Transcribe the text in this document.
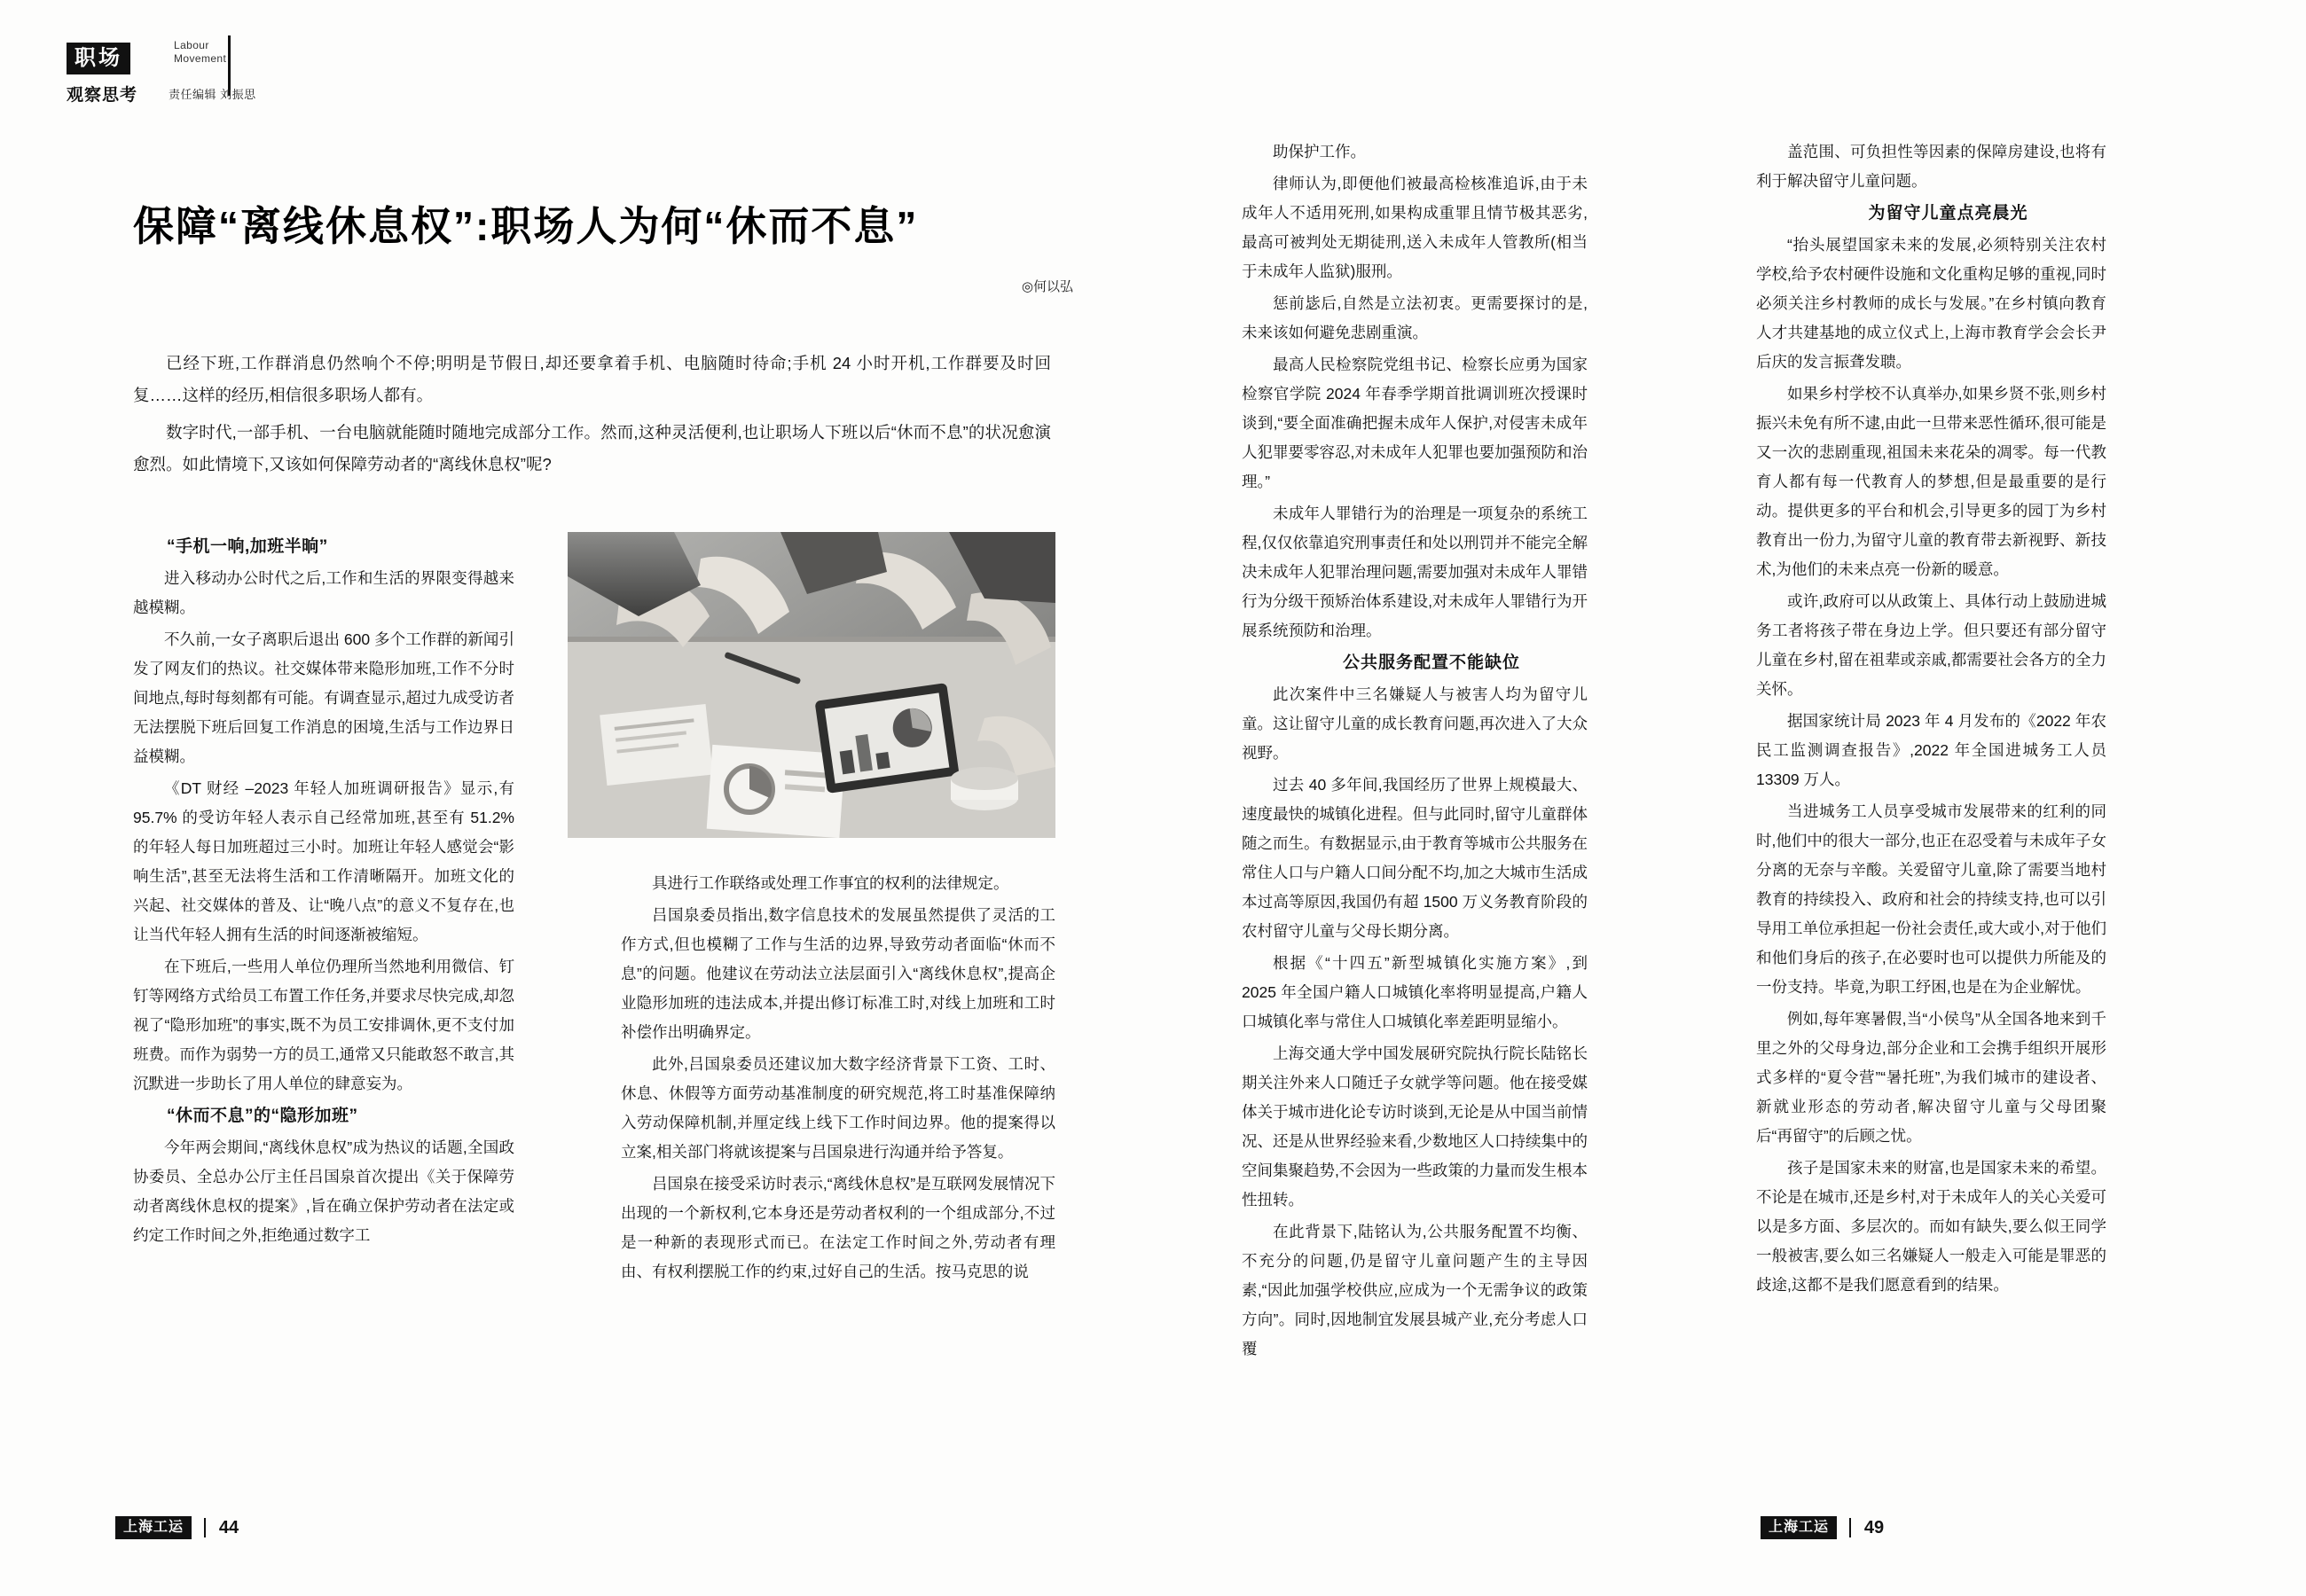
职场
Labour
Movement
观察思考	责任编辑 刘振思
保障“离线休息权”:职场人为何“休而不息”
◎何以弘

已经下班,工作群消息仍然响个不停;明明是节假日,却还要拿着手机、电脑随时待命;手机 24 小时开机,工作群要及时回复……这样的经历,相信很多职场人都有。

数字时代,一部手机、一台电脑就能随时随地完成部分工作。然而,这种灵活便利,也让职场人下班以后“休而不息”的状况愈演愈烈。如此情境下,又该如何保障劳动者的“离线休息权”呢?

“手机一响,加班半晌”

进入移动办公时代之后,工作和生活的界限变得越来越模糊。

不久前,一女子离职后退出 600 多个工作群的新闻引发了网友们的热议。社交媒体带来隐形加班,工作不分时间地点,每时每刻都有可能。有调查显示,超过九成受访者无法摆脱下班后回复工作消息的困境,生活与工作边界日益模糊。

《DT 财经 –2023 年轻人加班调研报告》显示,有 95.7% 的受访年轻人表示自己经常加班,甚至有 51.2% 的年轻人每日加班超过三小时。加班让年轻人感觉会“影响生活”,甚至无法将生活和工作清晰隔开。加班文化的兴起、社交媒体的普及、让“晚八点”的意义不复存在,也让当代年轻人拥有生活的时间逐渐被缩短。

在下班后,一些用人单位仍理所当然地利用微信、钉钉等网络方式给员工布置工作任务,并要求尽快完成,却忽视了“隐形加班”的事实,既不为员工安排调休,更不支付加班费。而作为弱势一方的员工,通常又只能敢怒不敢言,其沉默进一步助长了用人单位的肆意妄为。

“休而不息”的“隐形加班”

今年两会期间,“离线休息权”成为热议的话题,全国政协委员、全总办公厅主任吕国泉首次提出《关于保障劳动者离线休息权的提案》,旨在确立保护劳动者在法定或约定工作时间之外,拒绝通过数字工

具进行工作联络或处理工作事宜的权利的法律规定。

吕国泉委员指出,数字信息技术的发展虽然提供了灵活的工作方式,但也模糊了工作与生活的边界,导致劳动者面临“休而不息”的问题。他建议在劳动法立法层面引入“离线休息权”,提高企业隐形加班的违法成本,并提出修订标准工时,对线上加班和工时补偿作出明确界定。

此外,吕国泉委员还建议加大数字经济背景下工资、工时、休息、休假等方面劳动基准制度的研究规范,将工时基准保障纳入劳动保障机制,并厘定线上线下工作时间边界。他的提案得以立案,相关部门将就该提案与吕国泉进行沟通并给予答复。

吕国泉在接受采访时表示,“离线休息权”是互联网发展情况下出现的一个新权利,它本身还是劳动者权利的一个组成部分,不过是一种新的表现形式而已。在法定工作时间之外,劳动者有理由、有权利摆脱工作的约束,过好自己的生活。按马克思的说

助保护工作。

律师认为,即便他们被最高检核准追诉,由于未成年人不适用死刑,如果构成重罪且情节极其恶劣,最高可被判处无期徒刑,送入未成年人管教所(相当于未成年人监狱)服刑。

惩前毖后,自然是立法初衷。更需要探讨的是,未来该如何避免悲剧重演。

最高人民检察院党组书记、检察长应勇为国家检察官学院 2024 年春季学期首批调训班次授课时谈到,“要全面准确把握未成年人保护,对侵害未成年人犯罪要零容忍,对未成年人犯罪也要加强预防和治理。”

未成年人罪错行为的治理是一项复杂的系统工程,仅仅依靠追究刑事责任和处以刑罚并不能完全解决未成年人犯罪治理问题,需要加强对未成年人罪错行为分级干预矫治体系建设,对未成年人罪错行为开展系统预防和治理。

公共服务配置不能缺位

此次案件中三名嫌疑人与被害人均为留守儿童。这让留守儿童的成长教育问题,再次进入了大众视野。

过去 40 多年间,我国经历了世界上规模最大、速度最快的城镇化进程。但与此同时,留守儿童群体随之而生。有数据显示,由于教育等城市公共服务在常住人口与户籍人口间分配不均,加之大城市生活成本过高等原因,我国仍有超 1500 万义务教育阶段的农村留守儿童与父母长期分离。

根据《“十四五”新型城镇化实施方案》,到 2025 年全国户籍人口城镇化率将明显提高,户籍人口城镇化率与常住人口城镇化率差距明显缩小。

上海交通大学中国发展研究院执行院长陆铭长期关注外来人口随迁子女就学等问题。他在接受媒体关于城市进化论专访时谈到,无论是从中国当前情况、还是从世界经验来看,少数地区人口持续集中的空间集聚趋势,不会因为一些政策的力量而发生根本性扭转。

在此背景下,陆铭认为,公共服务配置不均衡、不充分的问题,仍是留守儿童问题产生的主导因素,“因此加强学校供应,应成为一个无需争议的政策方向”。同时,因地制宜发展县城产业,充分考虑人口覆

盖范围、可负担性等因素的保障房建设,也将有利于解决留守儿童问题。

为留守儿童点亮晨光

“抬头展望国家未来的发展,必须特别关注农村学校,给予农村硬件设施和文化重构足够的重视,同时必须关注乡村教师的成长与发展。”在乡村镇向教育人才共建基地的成立仪式上,上海市教育学会会长尹后庆的发言振聋发聩。

如果乡村学校不认真举办,如果乡贤不张,则乡村振兴未免有所不逮,由此一旦带来恶性循环,很可能是又一次的悲剧重现,祖国未来花朵的凋零。每一代教育人都有每一代教育人的梦想,但是最重要的是行动。提供更多的平台和机会,引导更多的园丁为乡村教育出一份力,为留守儿童的教育带去新视野、新技术,为他们的未来点亮一份新的暖意。

或许,政府可以从政策上、具体行动上鼓励进城务工者将孩子带在身边上学。但只要还有部分留守儿童在乡村,留在祖辈或亲戚,都需要社会各方的全力关怀。

据国家统计局 2023 年 4 月发布的《2022 年农民工监测调查报告》,2022 年全国进城务工人员 13309 万人。

当进城务工人员享受城市发展带来的红利的同时,他们中的很大一部分,也正在忍受着与未成年子女分离的无奈与辛酸。关爱留守儿童,除了需要当地村教育的持续投入、政府和社会的持续支持,也可以引导用工单位承担起一份社会责任,或大或小,对于他们和他们身后的孩子,在必要时也可以提供力所能及的一份支持。毕竟,为职工纾困,也是在为企业解忧。

例如,每年寒暑假,当“小侯鸟”从全国各地来到千里之外的父母身边,部分企业和工会携手组织开展形式多样的“夏令营”“暑托班”,为我们城市的建设者、新就业形态的劳动者,解决留守儿童与父母团聚后“再留守”的后顾之忧。

孩子是国家未来的财富,也是国家未来的希望。不论是在城市,还是乡村,对于未成年人的关心关爱可以是多方面、多层次的。而如有缺失,要么似王同学一般被害,要么如三名嫌疑人一般走入可能是罪恶的歧途,这都不是我们愿意看到的结果。

上海工运 44	上海工运 49
